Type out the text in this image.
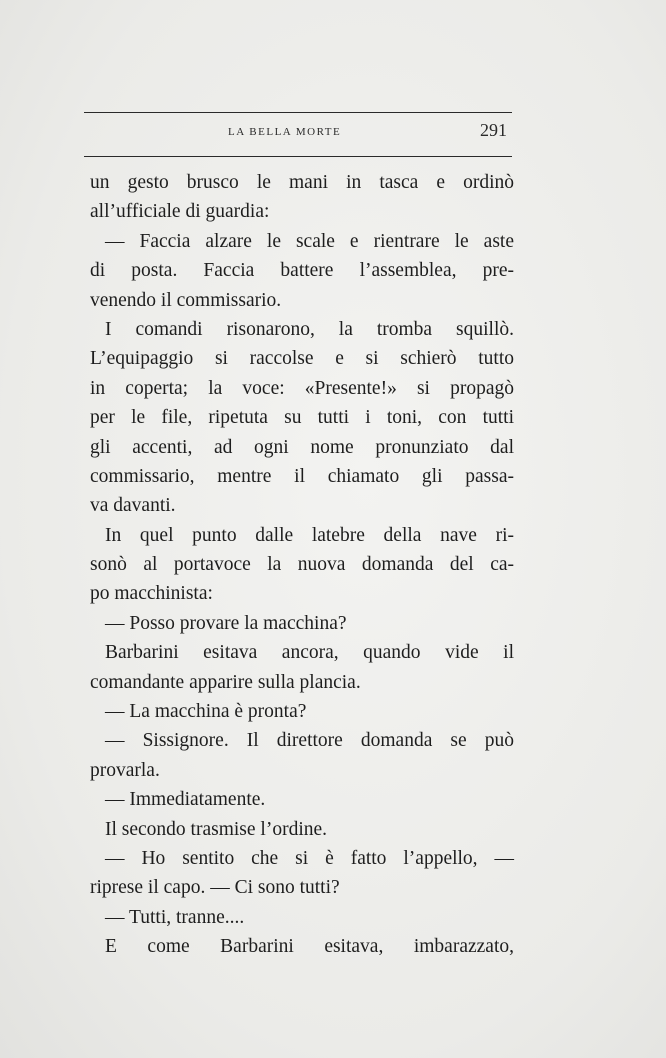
LA BELLA MORTE	291
un gesto brusco le mani in tasca e ordinò
all’ufficiale di guardia:
— Faccia alzare le scale e rientrare le aste
di posta. Faccia battere l’assemblea, pre-
venendo il commissario.
I comandi risonarono, la tromba squillò.
L’equipaggio si raccolse e si schierò tutto
in coperta; la voce: «Presente!» si propagò
per le file, ripetuta su tutti i toni, con tutti
gli accenti, ad ogni nome pronunziato dal
commissario, mentre il chiamato gli passa-
va davanti.
In quel punto dalle latebre della nave ri-
sonò al portavoce la nuova domanda del ca-
po macchinista:
— Posso provare la macchina?
Barbarini esitava ancora, quando vide il
comandante apparire sulla plancia.
— La macchina è pronta?
— Sissignore. Il direttore domanda se può
provarla.
— Immediatamente.
Il secondo trasmise l’ordine.
— Ho sentito che si è fatto l’appello, —
riprese il capo. — Ci sono tutti?
— Tutti, tranne....
E come Barbarini esitava, imbarazzato,
